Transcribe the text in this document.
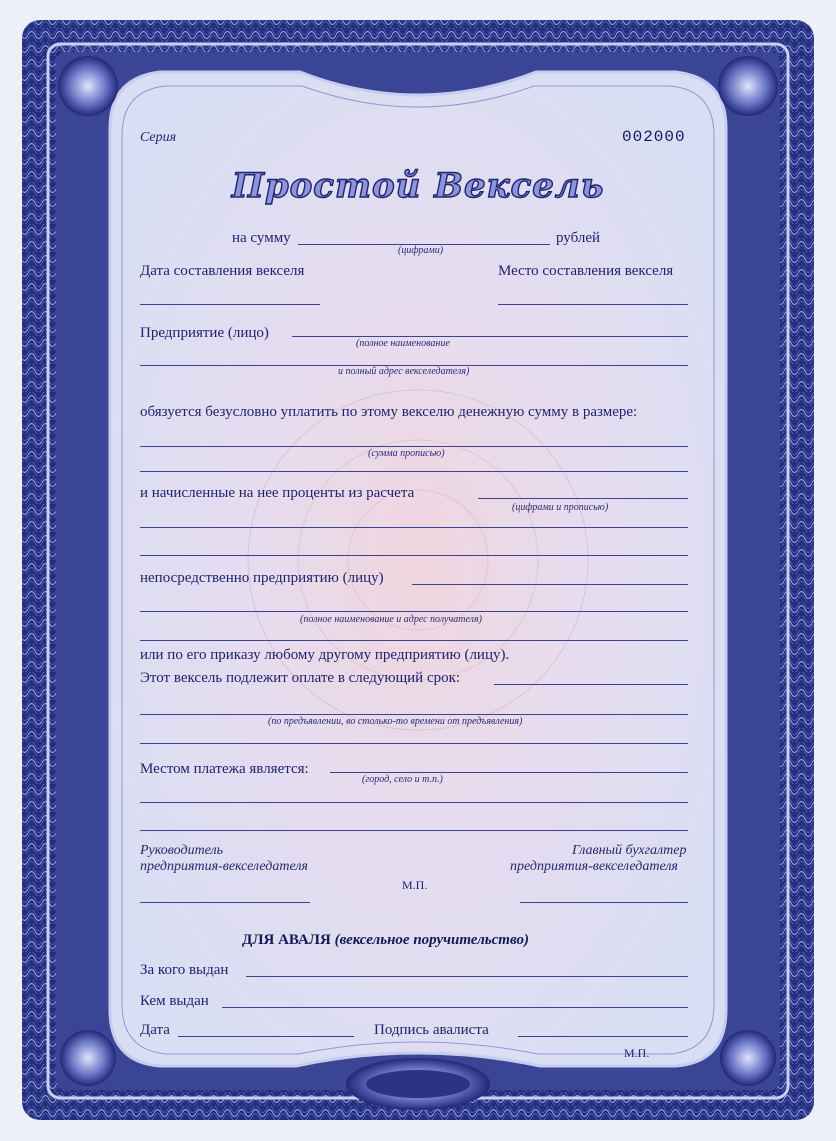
Серия	002000
Простой Вексель
на сумму
(цифрами)
рублей
Дата составления векселя	Место составления векселя
Предприятие (лицо)
(полное наименование
и полный адрес векселедателя)
обязуется безусловно уплатить по этому векселю денежную сумму в размере:
(сумма прописью)
и начисленные на нее проценты из расчета
(цифрами и прописью)
непосредственно предприятию (лицу)
(полное наименование и адрес получателя)
или по его приказу любому другому предприятию (лицу).
Этот вексель подлежит оплате в следующий срок:
(по предъявлении, во столько-то времени от предъявления)
Местом платежа является:
(город, село и т.п.)
Руководитель
предприятия-векселедателя
Главный бухгалтер
предприятия-векселедателя
М.П.
ДЛЯ АВАЛЯ (вексельное поручительство)
За кого выдан
Кем выдан
Дата	Подпись авалиста
М.П.
